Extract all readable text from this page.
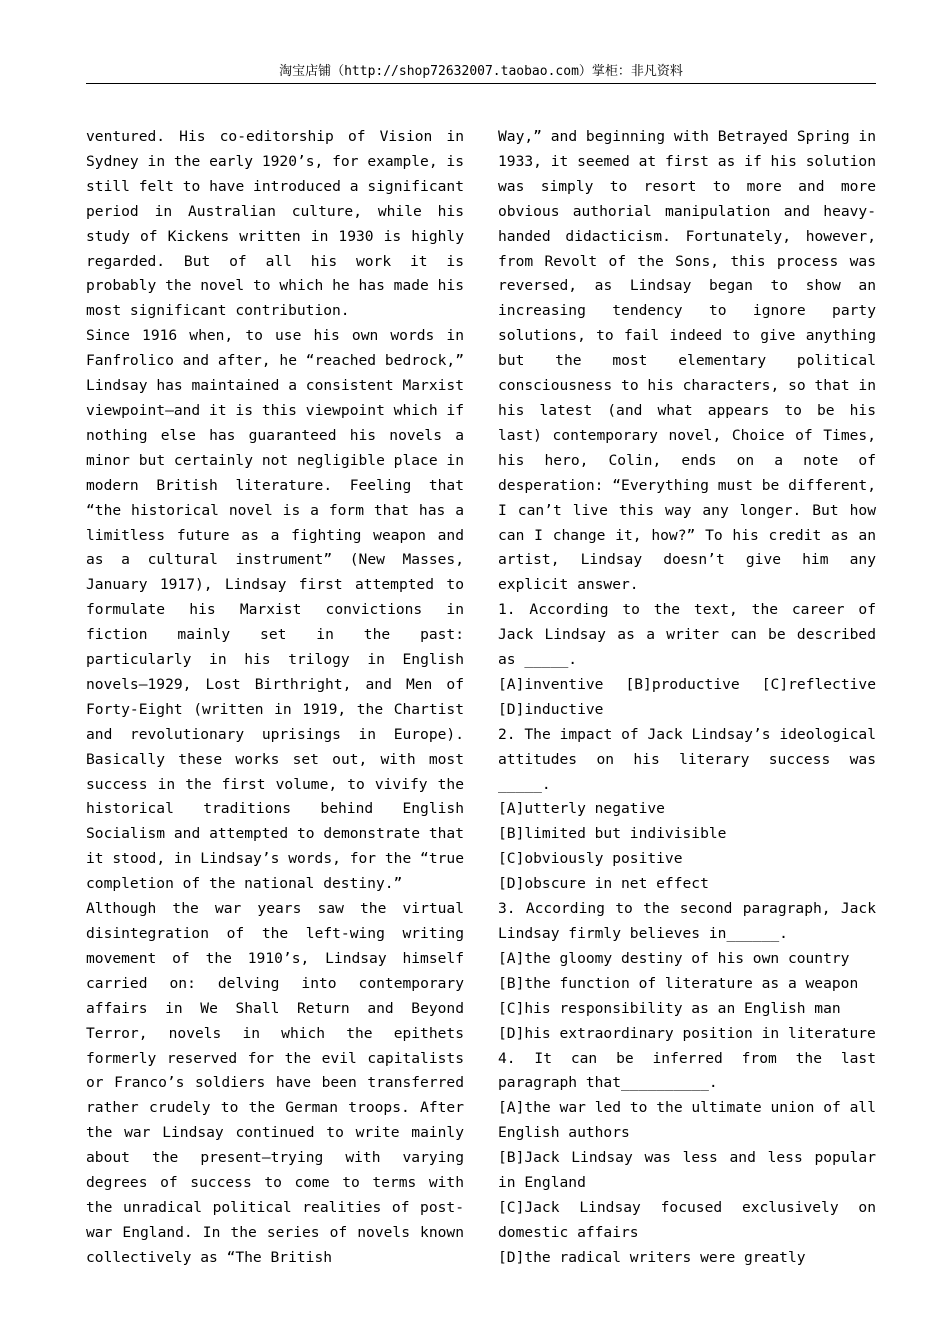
淘宝店铺（http://shop72632007.taobao.com）掌柜：非凡资料

ventured. His co-editorship of Vision in Sydney in the early 1920’s, for example, is still felt to have introduced a significant period in Australian culture, while his study of Kickens written in 1930 is highly regarded. But of all his work it is probably the novel to which he has made his most significant contribution.

Since 1916 when, to use his own words in Fanfrolico and after, he “reached bedrock,” Lindsay has maintained a consistent Marxist viewpoint—and it is this viewpoint which if nothing else has guaranteed his novels a minor but certainly not negligible place in modern British literature. Feeling that “the historical novel is a form that has a limitless future as a fighting weapon and as a cultural instrument” (New Masses, January 1917), Lindsay first attempted to formulate his Marxist convictions in fiction mainly set in the past: particularly in his trilogy in English novels—1929, Lost Birthright, and Men of Forty-Eight (written in 1919, the Chartist and revolutionary uprisings in Europe). Basically these works set out, with most success in the first volume, to vivify the historical traditions behind English Socialism and attempted to demonstrate that it stood, in Lindsay’s words, for the “true completion of the national destiny.”

Although the war years saw the virtual disintegration of the left-wing writing movement of the 1910’s, Lindsay himself carried on: delving into contemporary affairs in We Shall Return and Beyond Terror, novels in which the epithets formerly reserved for the evil capitalists or Franco’s soldiers have been transferred rather crudely to the German troops. After the war Lindsay continued to write mainly about the present—trying with varying degrees of success to come to terms with the unradical political realities of post-war England. In the series of novels known collectively as “The British

Way,” and beginning with Betrayed Spring in 1933, it seemed at first as if his solution was simply to resort to more and more obvious authorial manipulation and heavy-handed didacticism. Fortunately, however, from Revolt of the Sons, this process was reversed, as Lindsay began to show an increasing tendency to ignore party solutions, to fail indeed to give anything but the most elementary political consciousness to his characters, so that in his latest (and what appears to be his last) contemporary novel, Choice of Times, his hero, Colin, ends on a note of desperation: “Everything must be different, I can’t live this way any longer. But how can I change it, how?” To his credit as an artist, Lindsay doesn’t give him any explicit answer.

1. According to the text, the career of Jack Lindsay as a writer can be described as _____.

[A]inventive [B]productive [C]reflective

[D]inductive

2. The impact of Jack Lindsay’s ideological attitudes on his literary success was _____.

[A]utterly negative

[B]limited but indivisible

[C]obviously positive

[D]obscure in net effect

3. According to the second paragraph, Jack Lindsay firmly believes in______.

[A]the gloomy destiny of his own country

[B]the function of literature as a weapon

[C]his responsibility as an English man

[D]his extraordinary position in literature

4. It can be inferred from the last paragraph that__________.

[A]the war led to the ultimate union of all English authors

[B]Jack Lindsay was less and less popular in England

[C]Jack Lindsay focused exclusively on domestic affairs

[D]the radical writers were greatly
